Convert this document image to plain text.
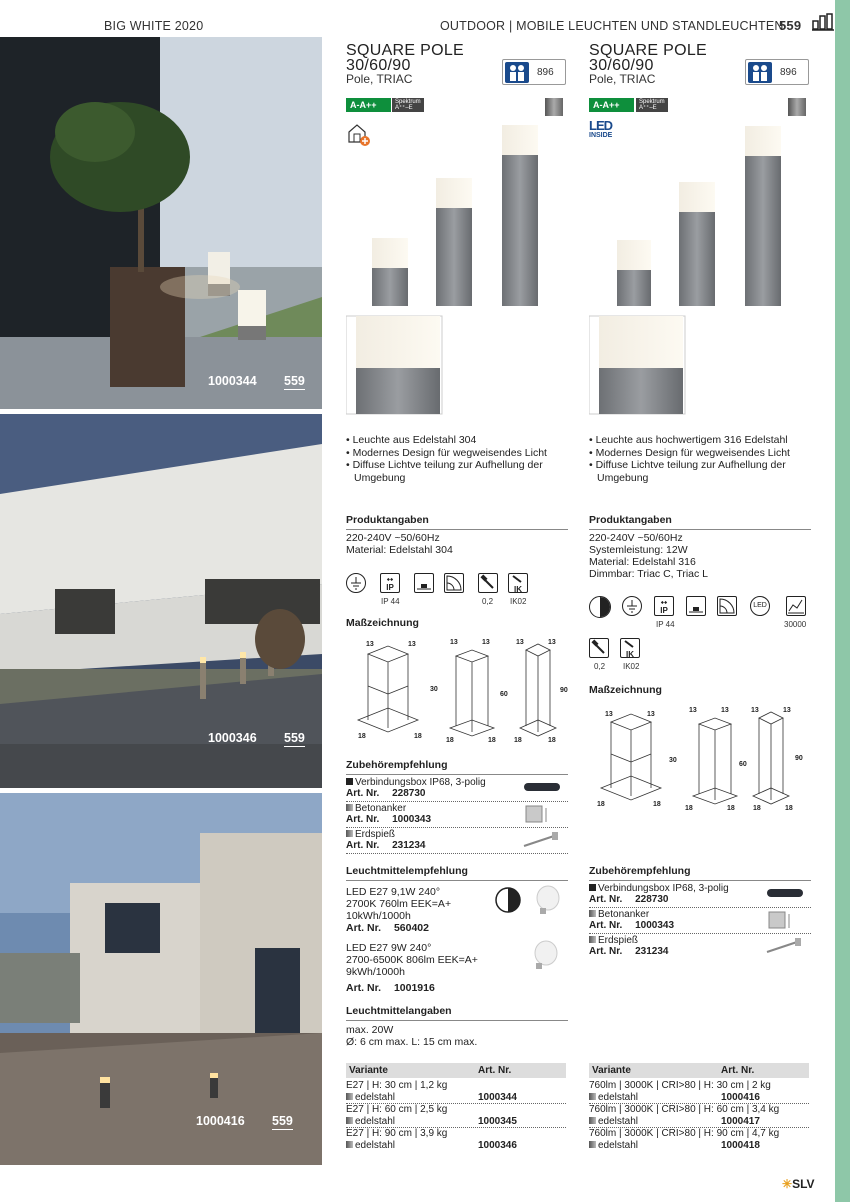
BIG WHITE 2020	OUTDOOR | MOBILE LEUCHTEN UND STANDLEUCHTEN
559
1000344 559
1000346 559
1000416 559
SQUARE POLE
30/60/90
Pole, TRIAC	896
A-A++	Spektrum
A⁺⁺–E
• Leuchte aus Edelstahl 304
• Modernes Design für wegweisendes Licht
• Diffuse Lichtve teilung zur Aufhellung der Umgebung
Produktangaben
220-240V ~50/60Hz
Material: Edelstahl 304
⬩⬩
IP	IK
IP 44	0,2 IK02
Maßzeichnung
13	13
30
18	18
13	13
60
18	18
13	13
90
18	18
Zubehörempfehlung
Verbindungsbox IP68, 3-polig
Art. Nr. 228730
Betonanker
Art. Nr. 1000343
Erdspieß
Art. Nr. 231234
Leuchtmittelempfehlung
LED E27 9,1W 240°
2700K 760lm EEK=A+
10kWh/1000h
Art. Nr. 560402
LED E27 9W 240°
2700-6500K 806lm EEK=A+
9kWh/1000h
Art. Nr. 1001916
Leuchtmittelangaben
max. 20W
Ø: 6 cm max. L: 15 cm max.
Variante	Art. Nr.
E27 | H: 30 cm | 1,2 kg
edelstahl	1000344
E27 | H: 60 cm | 2,5 kg
edelstahl	1000345
E27 | H: 90 cm | 3,9 kg
edelstahl	1000346
SQUARE POLE
30/60/90
Pole, TRIAC	896
A-A++	Spektrum
A⁺⁺–E
LED
INSIDE
• Leuchte aus hochwertigem 316 Edelstahl
• Modernes Design für wegweisendes Licht
• Diffuse Lichtve teilung zur Aufhellung der Umgebung
Produktangaben
220-240V ~50/60Hz
Systemleistung: 12W
Material: Edelstahl 316
Dimmbar: Triac C, Triac L
⬩⬩
IP
LED
IP 44	30000
IK
0,2 IK02
Maßzeichnung
13	13
30
18	18
13	13
60
18	18
13	13
90
18	18
Zubehörempfehlung
Verbindungsbox IP68, 3-polig
Art. Nr. 228730
Betonanker
Art. Nr. 1000343
Erdspieß
Art. Nr. 231234
Variante	Art. Nr.
760lm | 3000K | CRI>80 | H: 30 cm | 2 kg
edelstahl	1000416
760lm | 3000K | CRI>80 | H: 60 cm | 3,4 kg
edelstahl	1000417
760lm | 3000K | CRI>80 | H: 90 cm | 4,7 kg
edelstahl	1000418
✳SLV
